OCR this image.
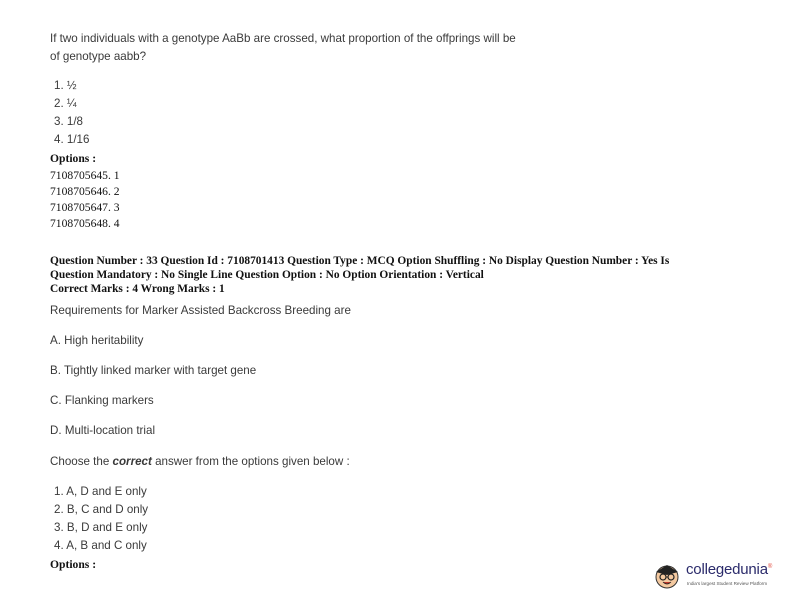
If two individuals with a genotype AaBb are crossed, what proportion of the offprings will be
of genotype aabb?
1. ½
2. ¼
3. 1/8
4. 1/16
Options :
7108705645. 1
7108705646. 2
7108705647. 3
7108705648. 4
Question Number : 33 Question Id : 7108701413 Question Type : MCQ Option Shuffling : No Display Question Number : Yes Is
Question Mandatory : No Single Line Question Option : No Option Orientation : Vertical
Correct Marks : 4 Wrong Marks : 1
Requirements for Marker Assisted Backcross Breeding are
A. High heritability
B. Tightly linked marker with target gene
C. Flanking markers
D. Multi-location trial
Choose the correct answer from the options given below :
1. A, D and E only
2. B, C and D only
3. B, D and E only
4. A, B and C only
Options :	collegedunia®
India's largest Student Review Platform
